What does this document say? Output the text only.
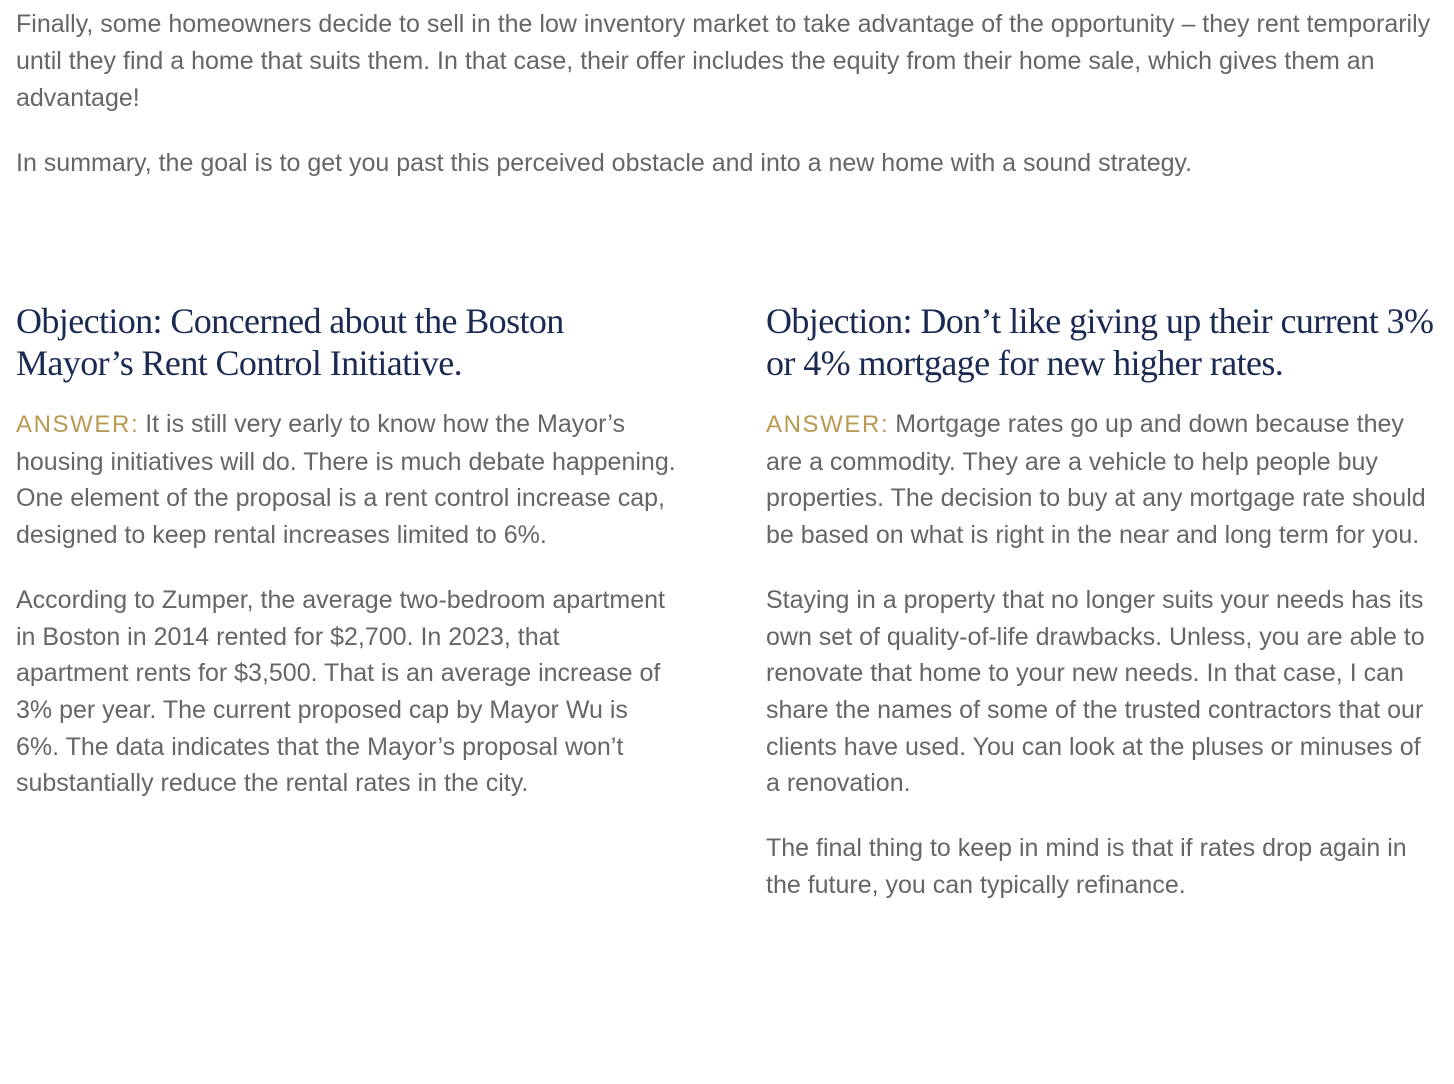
Finally, some homeowners decide to sell in the low inventory market to take advantage of the opportunity – they rent temporarily until they find a home that suits them. In that case, their offer includes the equity from their home sale, which gives them an advantage!

In summary, the goal is to get you past this perceived obstacle and into a new home with a sound strategy.

Objection: Concerned about the Boston Mayor’s Rent Control Initiative.

ANSWER: It is still very early to know how the Mayor’s housing initiatives will do. There is much debate happening. One element of the proposal is a rent control increase cap, designed to keep rental increases limited to 6%.

According to Zumper, the average two-bedroom apartment in Boston in 2014 rented for $2,700. In 2023, that apartment rents for $3,500. That is an average increase of 3% per year. The current proposed cap by Mayor Wu is 6%. The data indicates that the Mayor’s proposal won’t substantially reduce the rental rates in the city.

Objection: Don’t like giving up their current 3% or 4% mortgage for new higher rates.

ANSWER: Mortgage rates go up and down because they are a commodity. They are a vehicle to help people buy properties. The decision to buy at any mortgage rate should be based on what is right in the near and long term for you.

Staying in a property that no longer suits your needs has its own set of quality-of-life drawbacks. Unless, you are able to renovate that home to your new needs. In that case, I can share the names of some of the trusted contractors that our clients have used. You can look at the pluses or minuses of a renovation.

The final thing to keep in mind is that if rates drop again in the future, you can typically refinance.
